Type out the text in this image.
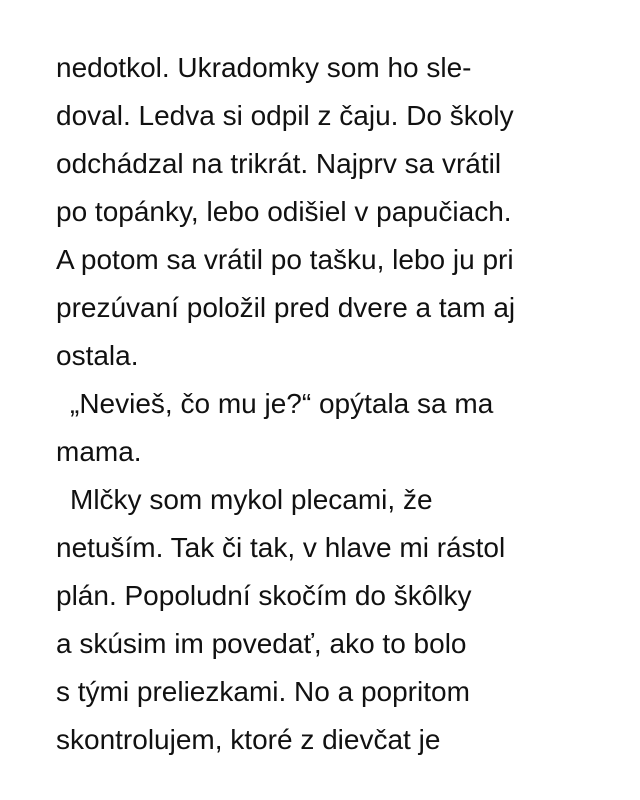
nedotkol. Ukradomky som ho sle-
doval. Ledva si odpil z čaju. Do školy
odchádzal na trikrát. Najprv sa vrátil
po topánky, lebo odišiel v papučiach.
A potom sa vrátil po tašku, lebo ju pri
prezúvaní položil pred dvere a tam aj
ostala.
„Nevieš, čo mu je?“ opýtala sa ma
mama.
Mlčky som mykol plecami, že
netuším. Tak či tak, v hlave mi rástol
plán. Popoludní skočím do škôlky
a skúsim im povedať, ako to bolo
s tými preliezkami. No a popritom
skontrolujem, ktoré z dievčat je
